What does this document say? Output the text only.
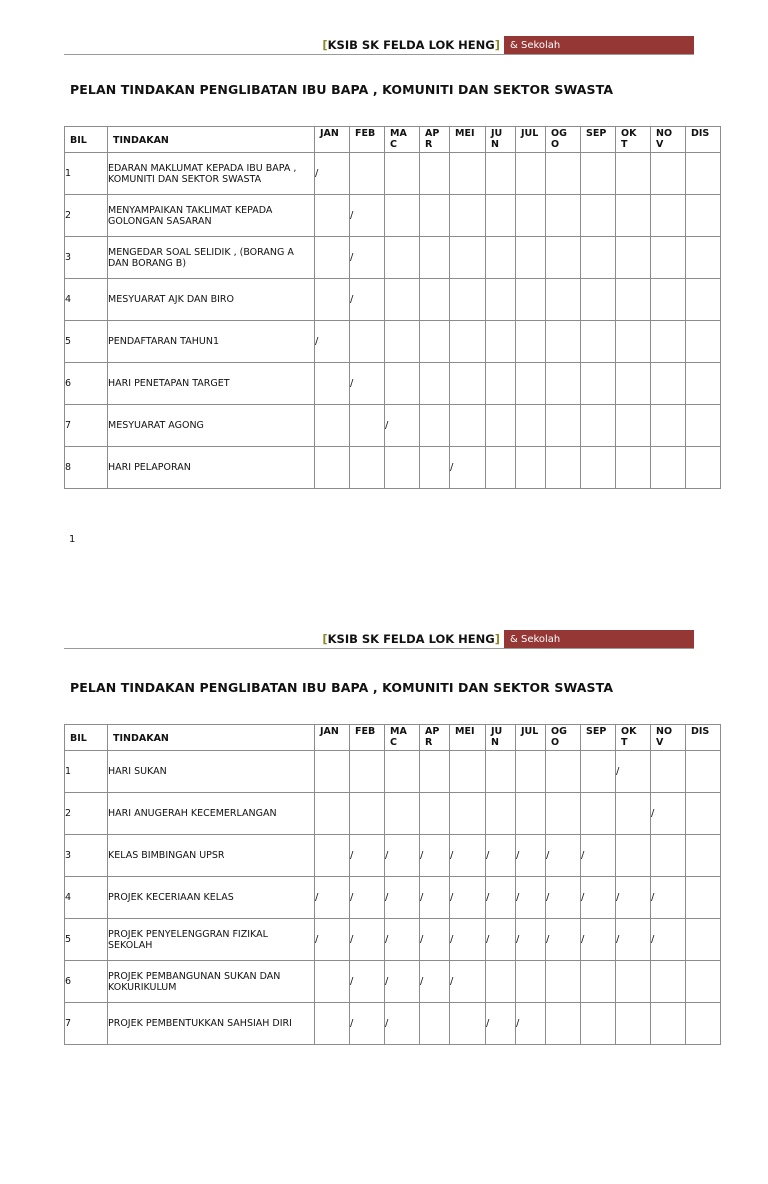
[KSIB SK FELDA LOK HENG]	& Sekolah
PELAN TINDAKAN PENGLIBATAN IBU BAPA , KOMUNITI DAN SEKTOR SWASTA
BIL	TINDAKAN	JAN	FEB	MA C	AP R	MEI	JU N	JUL	OG O	SEP	OK T	NO V	DIS
1	EDARAN MAKLUMAT KEPADA IBU BAPA , KOMUNITI DAN SEKTOR SWASTA	/											
2	MENYAMPAIKAN TAKLIMAT KEPADA GOLONGAN SASARAN		/										
3	MENGEDAR SOAL SELIDIK , (BORANG A DAN BORANG B)		/										
4	MESYUARAT AJK DAN BIRO		/										
5	PENDAFTARAN TAHUN1	/											
6	HARI PENETAPAN TARGET		/										
7	MESYUARAT AGONG			/									
8	HARI PELAPORAN					/							
1
[KSIB SK FELDA LOK HENG]	& Sekolah
PELAN TINDAKAN PENGLIBATAN IBU BAPA , KOMUNITI DAN SEKTOR SWASTA
BIL	TINDAKAN	JAN	FEB	MA C	AP R	MEI	JU N	JUL	OG O	SEP	OK T	NO V	DIS
1	HARI SUKAN										/		
2	HARI ANUGERAH KECEMERLANGAN											/	
3	KELAS BIMBINGAN UPSR		/	/	/	/	/	/	/	/			
4	PROJEK KECERIAAN KELAS	/	/	/	/	/	/	/	/	/	/	/	
5	PROJEK PENYELENGGRAN FIZIKAL SEKOLAH	/	/	/	/	/	/	/	/	/	/	/	
6	PROJEK PEMBANGUNAN SUKAN DAN KOKURIKULUM		/	/	/	/							
7	PROJEK PEMBENTUKKAN SAHSIAH DIRI		/	/			/	/					
